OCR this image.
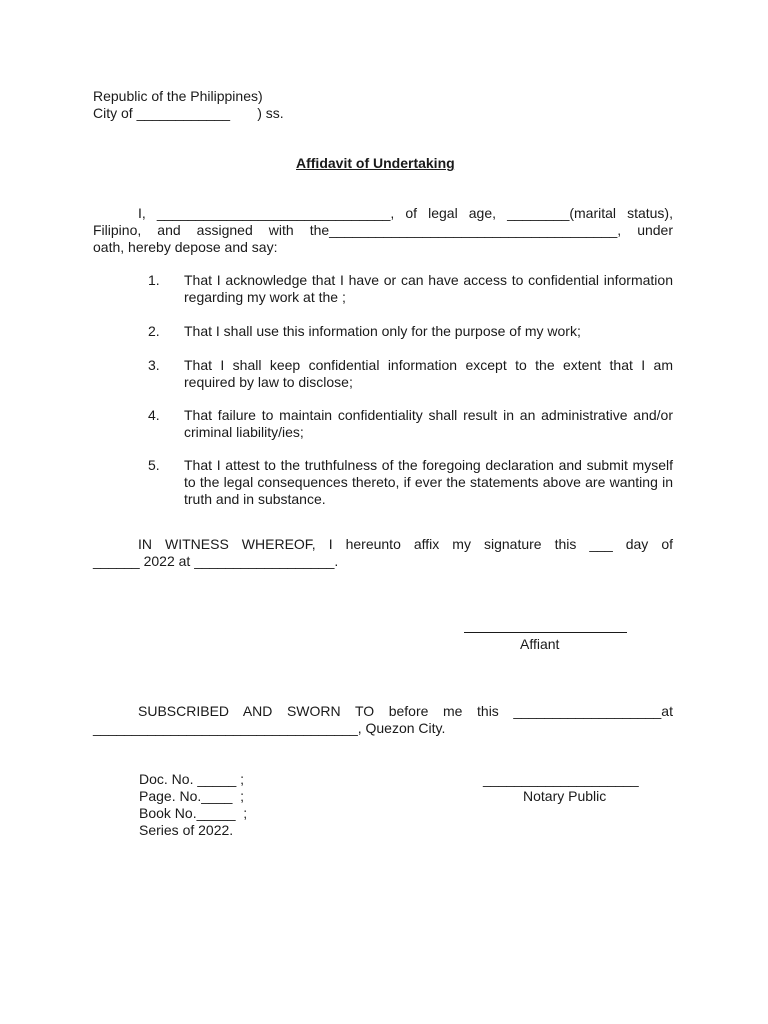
Republic of the Philippines)
City of ____________       ) ss.
Affidavit of Undertaking
I, ______________________________, of legal age, ________(marital status),
Filipino, and assigned with the_____________________________________, under
oath, hereby depose and say:
1.	That I acknowledge that I have or can have access to confidential information regarding my work at the ;
2.	That I shall use this information only for the purpose of my work;
3.	That I shall keep confidential information except to the extent that I am required by law to disclose;
4.	That failure to maintain confidentiality shall result in an administrative and/or criminal liability/ies;
5.	That I attest to the truthfulness of the foregoing declaration and submit myself to the legal consequences thereto, if ever the statements above are wanting in truth and in substance.
IN WITNESS WHEREOF, I hereunto affix my signature this ___ day of
______ 2022 at __________________.
Affiant
SUBSCRIBED AND SWORN TO before me this ___________________at
__________________________________, Quezon City.
Doc. No. _____ ;
Page. No.____  ;
Book No._____  ;
Series of 2022.
____________________
Notary Public
